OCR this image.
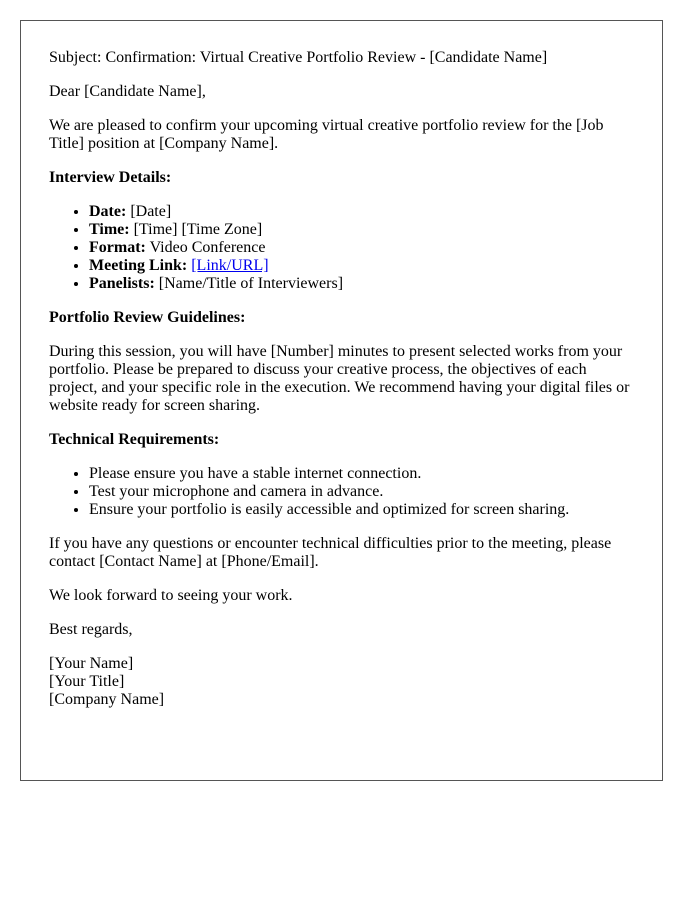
Subject: Confirmation: Virtual Creative Portfolio Review - [Candidate Name]

Dear [Candidate Name],

We are pleased to confirm your upcoming virtual creative portfolio review for the [Job Title] position at [Company Name].

Interview Details:
• Date: [Date]
• Time: [Time] [Time Zone]
• Format: Video Conference
• Meeting Link: [Link/URL]
• Panelists: [Name/Title of Interviewers]
Portfolio Review Guidelines:

During this session, you will have [Number] minutes to present selected works from your portfolio. Please be prepared to discuss your creative process, the objectives of each project, and your specific role in the execution. We recommend having your digital files or website ready for screen sharing.

Technical Requirements:
• Please ensure you have a stable internet connection.
• Test your microphone and camera in advance.
• Ensure your portfolio is easily accessible and optimized for screen sharing.

If you have any questions or encounter technical difficulties prior to the meeting, please contact [Contact Name] at [Phone/Email].

We look forward to seeing your work.

Best regards,

[Your Name]
[Your Title]
[Company Name]
